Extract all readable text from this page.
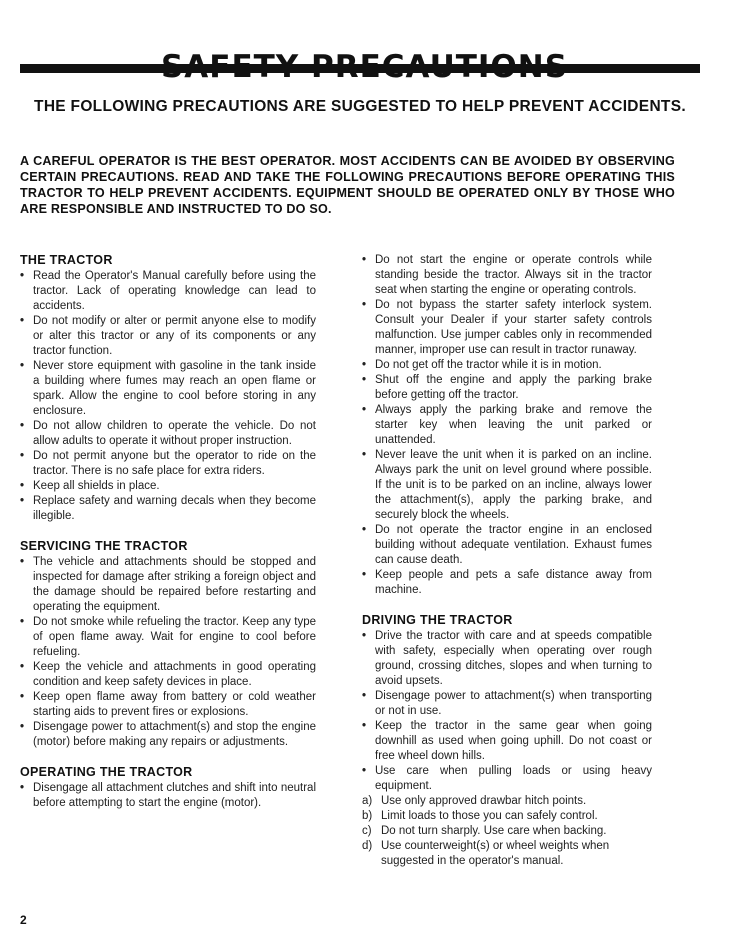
THE FOLLOWING PRECAUTIONS ARE SUGGESTED TO HELP PREVENT ACCIDENTS.
A CAREFUL OPERATOR IS THE BEST OPERATOR. MOST ACCIDENTS CAN BE AVOIDED BY OBSERVING CERTAIN PRECAUTIONS. READ AND TAKE THE FOLLOWING PRECAUTIONS BEFORE OPERATING THIS TRACTOR TO HELP PREVENT ACCIDENTS. EQUIPMENT SHOULD BE OPERATED ONLY BY THOSE WHO ARE RESPONSIBLE AND INSTRUCTED TO DO SO.
THE TRACTOR
• Read the Operator's Manual carefully before using the tractor. Lack of operating knowledge can lead to accidents.
• Do not modify or alter or permit anyone else to modify or alter this tractor or any of its components or any tractor function.
• Never store equipment with gasoline in the tank inside a building where fumes may reach an open flame or spark. Allow the engine to cool before storing in any enclosure.
• Do not allow children to operate the vehicle. Do not allow adults to operate it without proper instruction.
• Do not permit anyone but the operator to ride on the tractor. There is no safe place for extra riders.
• Keep all shields in place.
• Replace safety and warning decals when they become illegible.
SERVICING THE TRACTOR
• The vehicle and attachments should be stopped and inspected for damage after striking a foreign object and the damage should be repaired before restarting and operating the equipment.
• Do not smoke while refueling the tractor. Keep any type of open flame away. Wait for engine to cool before refueling.
• Keep the vehicle and attachments in good operating condition and keep safety devices in place.
• Keep open flame away from battery or cold weather starting aids to prevent fires or explosions.
• Disengage power to attachment(s) and stop the engine (motor) before making any repairs or adjustments.
OPERATING THE TRACTOR
• Disengage all attachment clutches and shift into neutral before attempting to start the engine (motor).
• Do not start the engine or operate controls while standing beside the tractor. Always sit in the tractor seat when starting the engine or operating controls.
• Do not bypass the starter safety interlock system. Consult your Dealer if your starter safety controls malfunction. Use jumper cables only in recommended manner, improper use can result in tractor runaway.
• Do not get off the tractor while it is in motion.
• Shut off the engine and apply the parking brake before getting off the tractor.
• Always apply the parking brake and remove the starter key when leaving the unit parked or unattended.
• Never leave the unit when it is parked on an incline. Always park the unit on level ground where possible. If the unit is to be parked on an incline, always lower the attachment(s), apply the parking brake, and securely block the wheels.
• Do not operate the tractor engine in an enclosed building without adequate ventilation. Exhaust fumes can cause death.
• Keep people and pets a safe distance away from machine.
DRIVING THE TRACTOR
• Drive the tractor with care and at speeds compatible with safety, especially when operating over rough ground, crossing ditches, slopes and when turning to avoid upsets.
• Disengage power to attachment(s) when transporting or not in use.
• Keep the tractor in the same gear when going downhill as used when going uphill. Do not coast or free wheel down hills.
• Use care when pulling loads or using heavy equipment.
a) Use only approved drawbar hitch points.
b) Limit loads to those you can safely control.
c) Do not turn sharply. Use care when backing.
d) Use counterweight(s) or wheel weights when suggested in the operator's manual.
2
